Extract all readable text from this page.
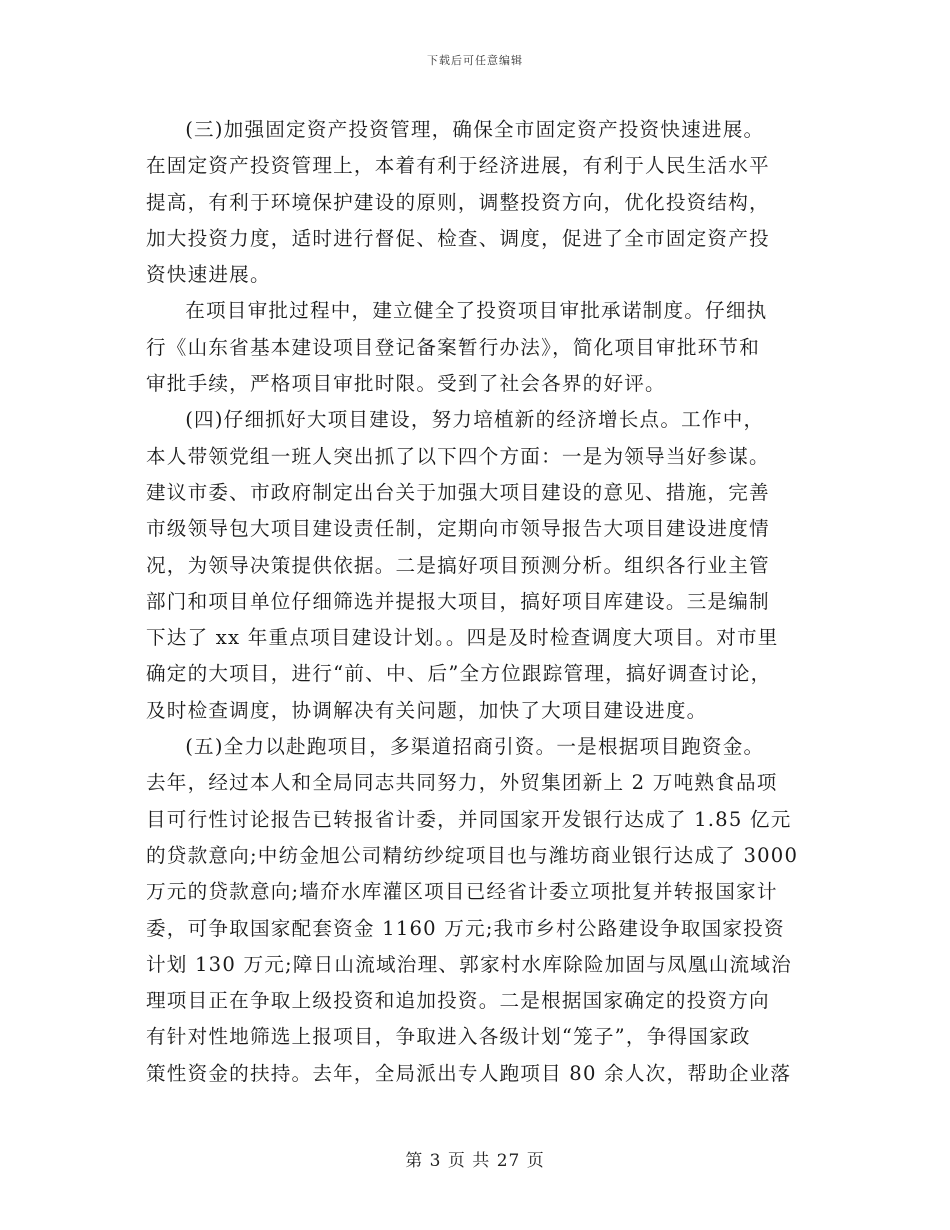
下载后可任意编辑

(三)加强固定资产投资管理，确保全市固定资产投资快速进展。
在固定资产投资管理上，本着有利于经济进展，有利于人民生活水平
提高，有利于环境保护建设的原则，调整投资方向，优化投资结构，
加大投资力度，适时进行督促、检查、调度，促进了全市固定资产投
资快速进展。

在项目审批过程中，建立健全了投资项目审批承诺制度。仔细执
行《山东省基本建设项目登记备案暂行办法》，简化项目审批环节和
审批手续，严格项目审批时限。受到了社会各界的好评。

(四)仔细抓好大项目建设，努力培植新的经济增长点。工作中，
本人带领党组一班人突出抓了以下四个方面：一是为领导当好参谋。
建议市委、市政府制定出台关于加强大项目建设的意见、措施，完善
市级领导包大项目建设责任制，定期向市领导报告大项目建设进度情
况，为领导决策提供依据。二是搞好项目预测分析。组织各行业主管
部门和项目单位仔细筛选并提报大项目，搞好项目库建设。三是编制
下达了 xx 年重点项目建设计划。。四是及时检查调度大项目。对市里
确定的大项目，进行“前、中、后”全方位跟踪管理，搞好调查讨论，
及时检查调度，协调解决有关问题，加快了大项目建设进度。

(五)全力以赴跑项目，多渠道招商引资。一是根据项目跑资金。
去年，经过本人和全局同志共同努力，外贸集团新上 2 万吨熟食品项
目可行性讨论报告已转报省计委，并同国家开发银行达成了 1.85 亿元
的贷款意向;中纺金旭公司精纺纱绽项目也与潍坊商业银行达成了 3000
万元的贷款意向;墙夼水库灌区项目已经省计委立项批复并转报国家计
委，可争取国家配套资金 1160 万元;我市乡村公路建设争取国家投资
计划 130 万元;障日山流域治理、郭家村水库除险加固与凤凰山流域治
理项目正在争取上级投资和追加投资。二是根据国家确定的投资方向
有针对性地筛选上报项目，争取进入各级计划“笼子”，争得国家政
策性资金的扶持。去年，全局派出专人跑项目 80 余人次，帮助企业落

第 3 页 共 27 页
